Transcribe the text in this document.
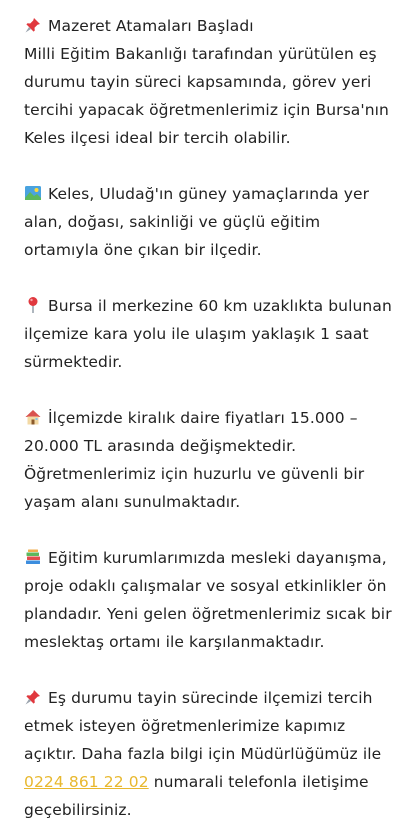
Mazeret Atamaları Başladı
Milli Eğitim Bakanlığı tarafından yürütülen eş durumu tayin süreci kapsamında, görev yeri tercihi yapacak öğretmenlerimiz için Bursa'nın Keles ilçesi ideal bir tercih olabilir.

Keles, Uludağ'ın güney yamaçlarında yer alan, doğası, sakinliği ve güçlü eğitim ortamıyla öne çıkan bir ilçedir.

Bursa il merkezine 60 km uzaklıkta bulunan ilçemize kara yolu ile ulaşım yaklaşık 1 saat sürmektedir.

İlçemizde kiralık daire fiyatları 15.000 – 20.000 TL arasında değişmektedir. Öğretmenlerimiz için huzurlu ve güvenli bir yaşam alanı sunulmaktadır.

Eğitim kurumlarımızda mesleki dayanışma, proje odaklı çalışmalar ve sosyal etkinlikler ön plandadır. Yeni gelen öğretmenlerimiz sıcak bir meslektaş ortamı ile karşılanmaktadır.

Eş durumu tayin sürecinde ilçemizi tercih etmek isteyen öğretmenlerimize kapımız açıktır. Daha fazla bilgi için Müdürlüğümüz ile 0224 861 22 02 numarali telefonla iletişime geçebilirsiniz.
